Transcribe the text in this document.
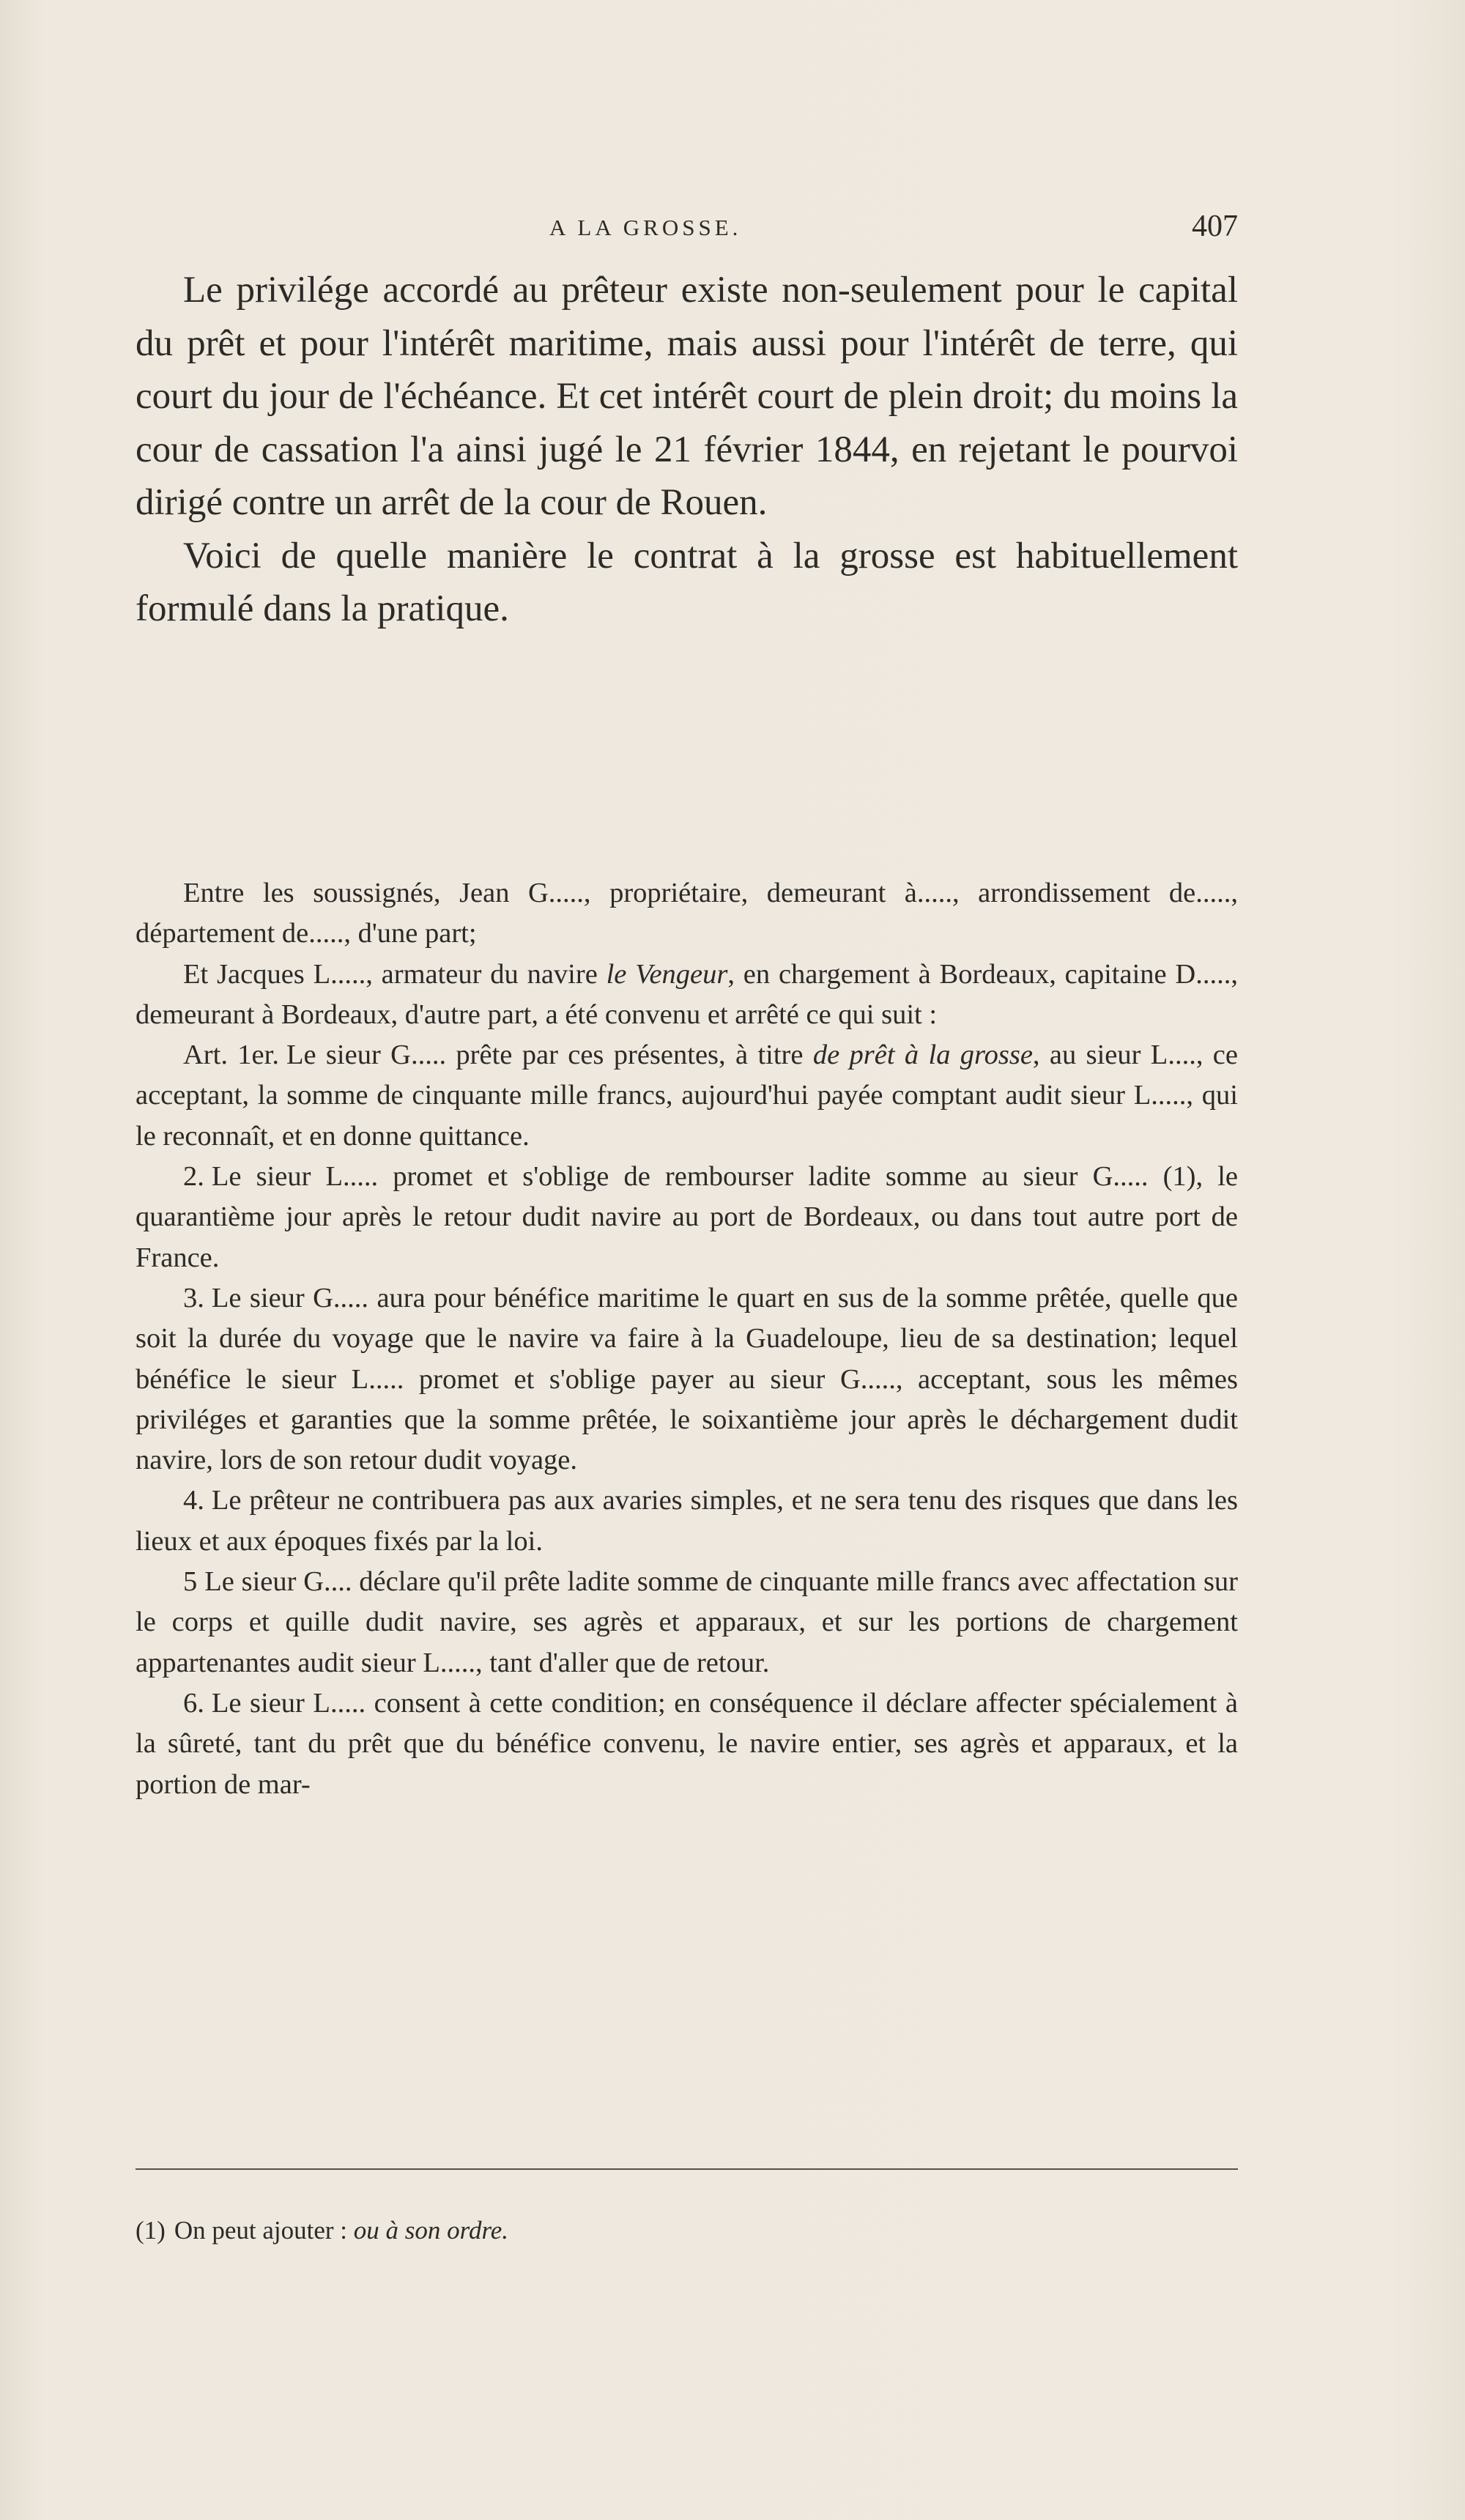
A LA GROSSE.	407

Le privilége accordé au prêteur existe non-seulement pour le capital du prêt et pour l'intérêt maritime, mais aussi pour l'intérêt de terre, qui court du jour de l'échéance. Et cet intérêt court de plein droit; du moins la cour de cassation l'a ainsi jugé le 21 février 1844, en rejetant le pourvoi dirigé contre un arrêt de la cour de Rouen.

Voici de quelle manière le contrat à la grosse est habituellement formulé dans la pratique.

Entre les soussignés, Jean G....., propriétaire, demeurant à....., arrondissement de....., département de....., d'une part;

Et Jacques L....., armateur du navire le Vengeur, en chargement à Bordeaux, capitaine D....., demeurant à Bordeaux, d'autre part, a été convenu et arrêté ce qui suit :

Art. 1er. Le sieur G..... prête par ces présentes, à titre de prêt à la grosse, au sieur L...., ce acceptant, la somme de cinquante mille francs, aujourd'hui payée comptant audit sieur L....., qui le reconnaît, et en donne quittance.

2. Le sieur L..... promet et s'oblige de rembourser ladite somme au sieur G..... (1), le quarantième jour après le retour dudit navire au port de Bordeaux, ou dans tout autre port de France.

3. Le sieur G..... aura pour bénéfice maritime le quart en sus de la somme prêtée, quelle que soit la durée du voyage que le navire va faire à la Guadeloupe, lieu de sa destination; lequel bénéfice le sieur L..... promet et s'oblige payer au sieur G....., acceptant, sous les mêmes priviléges et garanties que la somme prêtée, le soixantième jour après le déchargement dudit navire, lors de son retour dudit voyage.

4. Le prêteur ne contribuera pas aux avaries simples, et ne sera tenu des risques que dans les lieux et aux époques fixés par la loi.

5 Le sieur G.... déclare qu'il prête ladite somme de cinquante mille francs avec affectation sur le corps et quille dudit navire, ses agrès et apparaux, et sur les portions de chargement appartenantes audit sieur L....., tant d'aller que de retour.

6. Le sieur L..... consent à cette condition; en conséquence il déclare affecter spécialement à la sûreté, tant du prêt que du bénéfice convenu, le navire entier, ses agrès et apparaux, et la portion de mar-

(1) On peut ajouter : ou à son ordre.
